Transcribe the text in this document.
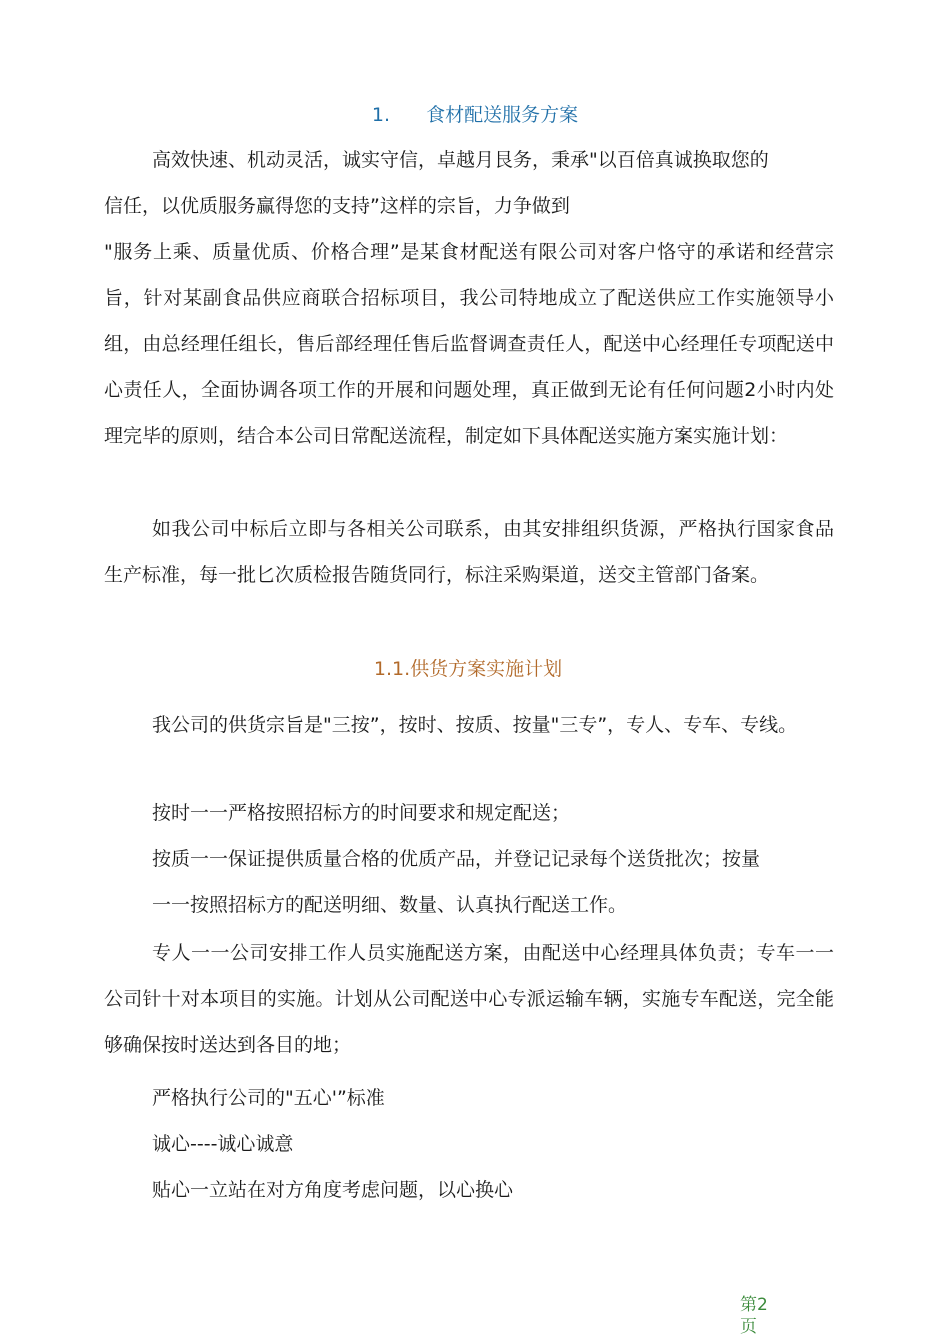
1. 食材配送服务方案

高效快速、机动灵活，诚实守信，卓越月艮务，秉承"以百倍真诚换取您的

信任，以优质服务赢得您的支持”这样的宗旨，力争做到

"服务上乘、质量优质、价格合理”是某食材配送有限公司对客户恪守的承诺和经营宗旨，针对某副食品供应商联合招标项目，我公司特地成立了配送供应工作实施领导小组，由总经理任组长，售后部经理任售后监督调查责任人，配送中心经理任专项配送中心责任人，全面协调各项工作的开展和问题处理，真正做到无论有任何问题2小时内处理完毕的原则，结合本公司日常配送流程，制定如下具体配送实施方案实施计划：

如我公司中标后立即与各相关公司联系，由其安排组织货源，严格执行国家食品生产标准，每一批匕次质检报告随货同行，标注采购渠道，送交主管部门备案。

1.1.供货方案实施计划

我公司的供货宗旨是"三按”，按时、按质、按量"三专”，专人、专车、专线。

按时一一严格按照招标方的时间要求和规定配送；

按质一一保证提供质量合格的优质产品，并登记记录每个送货批次；按量

一一按照招标方的配送明细、数量、认真执行配送工作。

专人一一公司安排工作人员实施配送方案，由配送中心经理具体负责；专车一一公司针十对本项目的实施。计划从公司配送中心专派运输车辆，实施专车配送，完全能够确保按时送达到各目的地；

严格执行公司的"五心'”标准

诚心----诚心诚意

贴心一立站在对方角度考虑问题，以心换心

第2页
